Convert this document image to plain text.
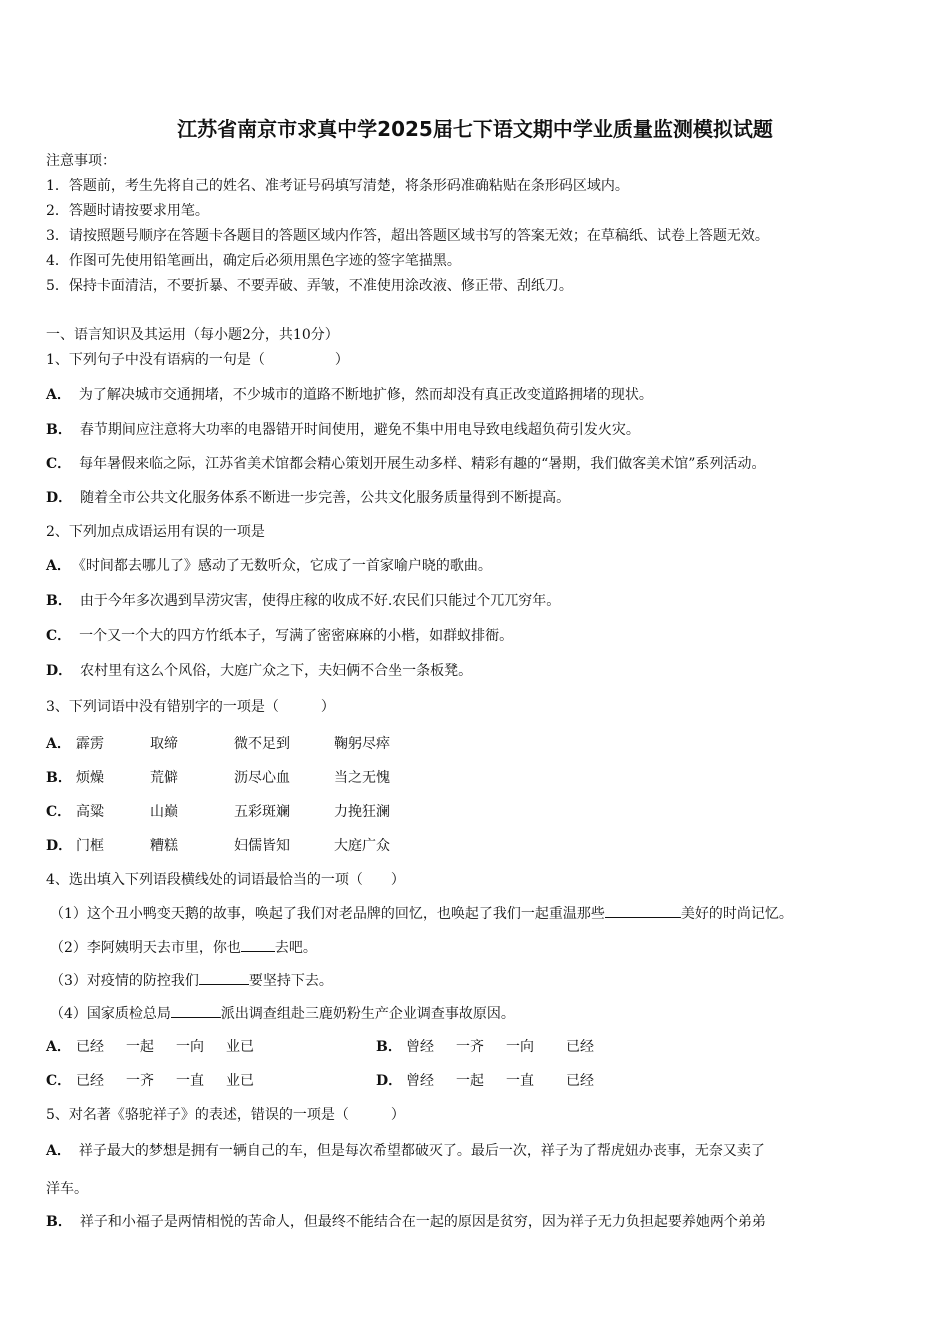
江苏省南京市求真中学2025届七下语文期中学业质量监测模拟试题
注意事项：
1．答题前，考生先将自己的姓名、准考证号码填写清楚，将条形码准确粘贴在条形码区域内。
2．答题时请按要求用笔。
3．请按照题号顺序在答题卡各题目的答题区域内作答，超出答题区域书写的答案无效；在草稿纸、试卷上答题无效。
4．作图可先使用铅笔画出，确定后必须用黑色字迹的签字笔描黑。
5．保持卡面清洁，不要折暴、不要弄破、弄皱，不准使用涂改液、修正带、刮纸刀。
一、语言知识及其运用（每小题2分，共10分）
1、下列句子中没有语病的一句是（　　　　　）
A． 为了解决城市交通拥堵，不少城市的道路不断地扩修，然而却没有真正改变道路拥堵的现状。
B． 春节期间应注意将大功率的电器错开时间使用，避免不集中用电导致电线超负荷引发火灾。
C． 每年暑假来临之际，江苏省美术馆都会精心策划开展生动多样、精彩有趣的“暑期，我们做客美术馆”系列活动。
D． 随着全市公共文化服务体系不断进一步完善，公共文化服务质量得到不断提高。
2、下列加点成语运用有误的一项是
A． 《时间都去哪儿了》感动了无数听众，它成了一首家喻户晓的歌曲。
B． 由于今年多次遇到旱涝灾害，使得庄稼的收成不好.农民们只能过个兀兀穷年。
C． 一个又一个大的四方竹纸本子，写满了密密麻麻的小楷，如群蚁排衙。
D． 农村里有这么个风俗，大庭广众之下，夫妇俩不合坐一条板凳。
3、下列词语中没有错别字的一项是（　　　）
A． 霹雳	取缔	微不足到	鞠躬尽瘁
B． 烦燥	荒僻	沥尽心血	当之无愧
C． 高粱	山巅	五彩斑斓	力挽狂澜
D． 门框	糟糕	妇儒皆知	大庭广众
4、选出填入下列语段横线处的词语最恰当的一项（　　）
（1）这个丑小鸭变天鹅的故事，唤起了我们对老品牌的回忆，也唤起了我们一起重温那些	美好的时尚记忆。
（2）李阿姨明天去市里，你也 去吧。
（3）对疫情的防控我们	要坚持下去。
（4）国家质检总局	派出调查组赴三鹿奶粉生产企业调查事故原因。
A． 已经 一起 一向 业已	B． 曾经 一齐 一向 已经
C． 已经 一齐 一直 业已	D． 曾经 一起 一直 已经
5、对名著《骆驼祥子》的表述，错误的一项是（　　　）
A． 祥子最大的梦想是拥有一辆自己的车，但是每次希望都破灭了。最后一次，祥子为了帮虎妞办丧事，无奈又卖了
洋车。
B． 祥子和小福子是两情相悦的苦命人，但最终不能结合在一起的原因是贫穷，因为祥子无力负担起要养她两个弟弟
